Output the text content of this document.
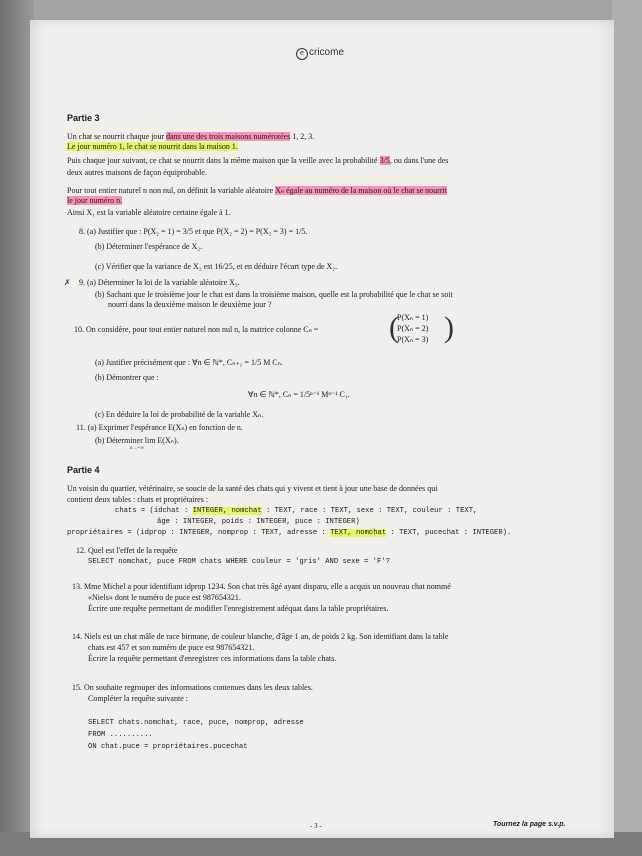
e cricome
Partie 3
Un chat se nourrit chaque jour dans une des trois maisons numérotées 1, 2, 3.
Le jour numéro 1, le chat se nourrit dans la maison 1.
Puis chaque jour suivant, ce chat se nourrit dans la même maison que la veille avec la probabilité 3/5, ou dans l'une des
deux autres maisons de façon équiprobable.
Pour tout entier naturel n non nul, on définit la variable aléatoire Xₙ égale au numéro de la maison où le chat se nourrit
le jour numéro n.
Ainsi X₁ est la variable aléatoire certaine égale à 1.
8. (a) Justifier que : P(X₂ = 1) = 3/5 et que P(X₂ = 2) = P(X₂ = 3) = 1/5.
(b) Déterminer l'espérance de X₂.
(c) Vérifier que la variance de X₂ est 16/25, et en déduire l'écart type de X₂.
✗ 9. (a) Déterminer la loi de la variable aléatoire X₃.
(b) Sachant que le troisième jour le chat est dans la troisième maison, quelle est la probabilité que le chat se soit
nourri dans la deuxième maison le deuxième jour ?
10. On considère, pour tout entier naturel non nul n, la matrice colonne Cₙ = (
P(Xₙ = 1)
P(Xₙ = 2)
P(Xₙ = 3) )
(a) Justifier précisément que : ∀n ∈ ℕ*, Cₙ₊₁ = 1/5 M Cₙ.
(b) Démontrer que :
∀n ∈ ℕ*, Cₙ = 1/5ⁿ⁻¹ Mⁿ⁻¹ C₁.
(c) En déduire la loi de probabilité de la variable Xₙ.
11. (a) Exprimer l'espérance E(Xₙ) en fonction de n.
(b) Déterminer lim E(Xₙ).
n→+∞
Partie 4
Un voisin du quartier, vétérinaire, se soucie de la santé des chats qui y vivent et tient à jour une base de données qui
contient deux tables : chats et propriétaires :
chats = (idchat : INTEGER, nomchat : TEXT, race : TEXT, sexe : TEXT, couleur : TEXT,
âge : INTEGER, poids : INTEGER, puce : INTEGER)
propriétaires = (idprop : INTEGER, nomprop : TEXT, adresse : TEXT, nomchat : TEXT, pucechat : INTEGER).
12. Quel est l'effet de la requête
SELECT nomchat, puce FROM chats WHERE couleur = 'gris' AND sexe = 'F'?
13. Mme Michel a pour identifiant idprop 1234. Son chat très âgé ayant disparu, elle a acquis un nouveau chat nommé
«Niels» dont le numéro de puce est 987654321.
Écrire une requête permettant de modifier l'enregistrement adéquat dans la table propriétaires.
14. Niels est un chat mâle de race birmane, de couleur blanche, d'âge 1 an, de poids 2 kg. Son identifiant dans la table
chats est 457 et son numéro de puce est 987654321.
Écrire la requête permettant d'enregistrer ces informations dans la table chats.
15. On souhaite regrouper des informations contenues dans les deux tables.
Compléter la requête suivante :
SELECT chats.nomchat, race, puce, nomprop, adresse
FROM ..........
ON chat.puce = propriétaires.pucechat
- 3 -	Tournez la page s.v.p.
